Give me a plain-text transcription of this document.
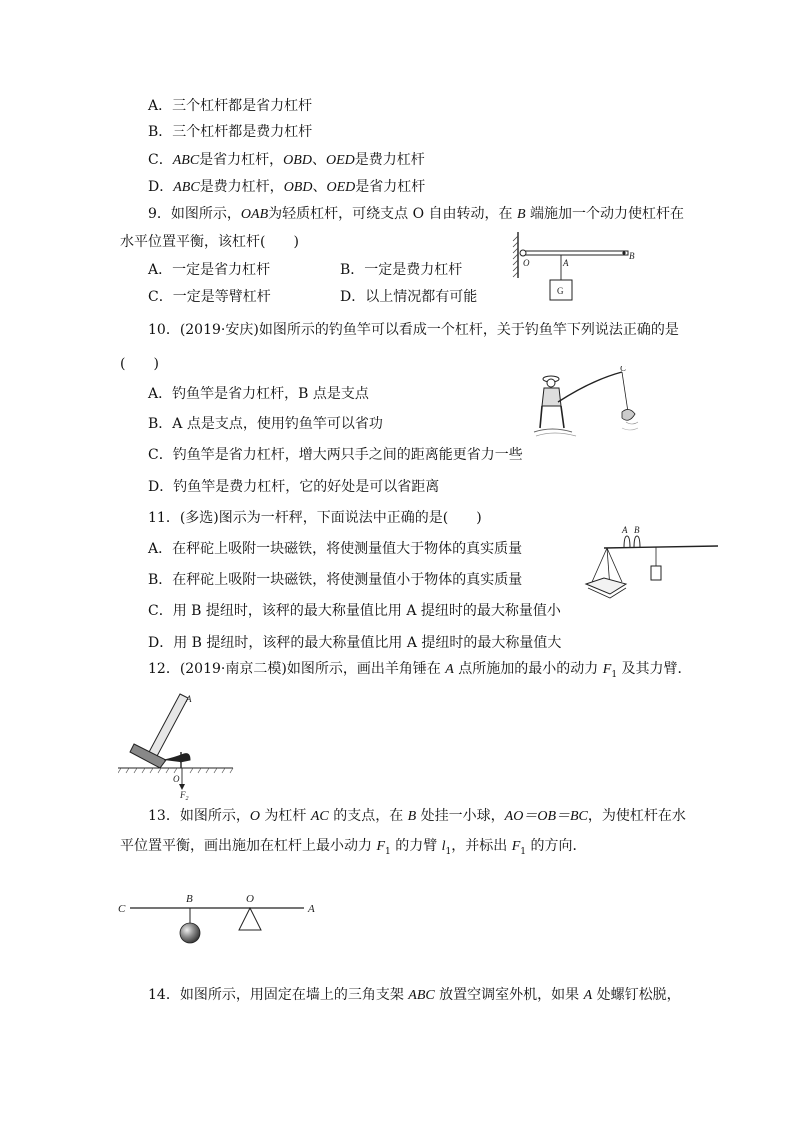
A．三个杠杆都是省力杠杆
B．三个杠杆都是费力杠杆
C．ABC是省力杠杆，OBD、OED是费力杠杆
D．ABC是费力杠杆，OBD、OED是省力杠杆
9．如图所示，OAB为轻质杠杆，可绕支点 O 自由转动，在 B 端施加一个动力使杠杆在
水平位置平衡，该杠杆(　　)
A．一定是省力杠杆	B．一定是费力杠杆
C．一定是等臂杠杆	D．以上情况都有可能
O	A
B
G
10．(2019·安庆)如图所示的钓鱼竿可以看成一个杠杆，关于钓鱼竿下列说法正确的是
(　　)
A．钓鱼竿是省力杠杆，B 点是支点
B．A 点是支点，使用钓鱼竿可以省功
C．钓鱼竿是省力杠杆，增大两只手之间的距离能更省力一些
D．钓鱼竿是费力杠杆，它的好处是可以省距离
C
11．(多选)图示为一杆秤，下面说法中正确的是(　　)
A．在秤砣上吸附一块磁铁，将使测量值大于物体的真实质量
B．在秤砣上吸附一块磁铁，将使测量值小于物体的真实质量
C．用 B 提纽时，该秤的最大称量值比用 A 提纽时的最大称量值小
D．用 B 提纽时，该秤的最大称量值比用 A 提纽时的最大称量值大
A B
12．(2019·南京二模)如图所示，画出羊角锤在 A 点所施加的最小的动力 $F_1$ 及其力臂．
A
O
$F_2$
13．如图所示，O 为杠杆 AC 的支点，在 B 处挂一小球，AO＝OB＝BC，为使杠杆在水
平位置平衡，画出施加在杠杆上最小动力 $F_1$ 的力臂 $l_1$，并标出 $F_1$ 的方向．
C
B	O
A
14．如图所示，用固定在墙上的三角支架 ABC 放置空调室外机，如果 A 处螺钉松脱，
